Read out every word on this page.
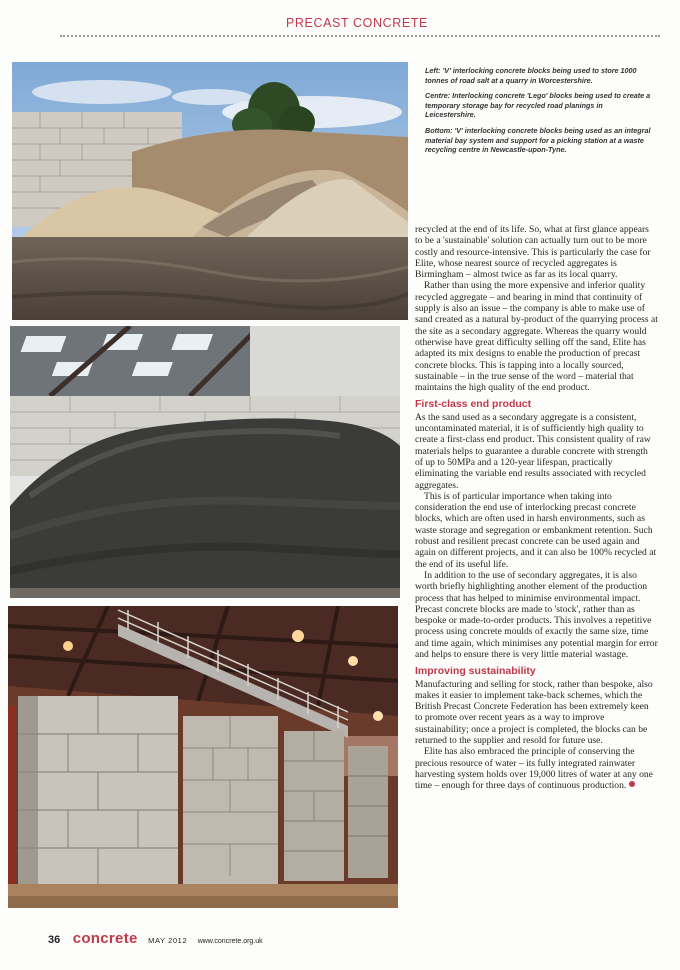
PRECAST CONCRETE

Left: 'V' interlocking concrete blocks being used to store 1000 tonnes of road salt at a quarry in Worcestershire.

Centre: Interlocking concrete 'Lego' blocks being used to create a temporary storage bay for recycled road planings in Leicestershire.

Bottom: 'V' interlocking concrete blocks being used as an integral material bay system and support for a picking station at a waste recycling centre in Newcastle-upon-Tyne.

recycled at the end of its life. So, what at first glance appears to be a 'sustainable' solution can actually turn out to be more costly and resource-intensive. This is particularly the case for Elite, whose nearest source of recycled aggregates is Birmingham – almost twice as far as its local quarry.

Rather than using the more expensive and inferior quality recycled aggregate – and bearing in mind that continuity of supply is also an issue – the company is able to make use of sand created as a natural by-product of the quarrying process at the site as a secondary aggregate. Whereas the quarry would otherwise have great difficulty selling off the sand, Elite has adapted its mix designs to enable the production of precast concrete blocks. This is tapping into a locally sourced, sustainable – in the true sense of the word – material that maintains the high quality of the end product.

First-class end product

As the sand used as a secondary aggregate is a consistent, uncontaminated material, it is of sufficiently high quality to create a first-class end product. This consistent quality of raw materials helps to guarantee a durable concrete with strength of up to 50MPa and a 120-year lifespan, practically eliminating the variable end results associated with recycled aggregates.

This is of particular importance when taking into consideration the end use of interlocking precast concrete blocks, which are often used in harsh environments, such as waste storage and segregation or embankment retention. Such robust and resilient precast concrete can be used again and again on different projects, and it can also be 100% recycled at the end of its useful life.

In addition to the use of secondary aggregates, it is also worth briefly highlighting another element of the production process that has helped to minimise environmental impact. Precast concrete blocks are made to 'stock', rather than as bespoke or made-to-order products. This involves a repetitive process using concrete moulds of exactly the same size, time and time again, which minimises any potential margin for error and helps to ensure there is very little material wastage.

Improving sustainability

Manufacturing and selling for stock, rather than bespoke, also makes it easier to implement take-back schemes, which the British Precast Concrete Federation has been extremely keen to promote over recent years as a way to improve sustainability; once a project is completed, the blocks can be returned to the supplier and resold for future use.

Elite has also embraced the principle of conserving the precious resource of water – its fully integrated rainwater harvesting system holds over 19,000 litres of water at any one time – enough for three days of continuous production.

36 concrete MAY 2012 www.concrete.org.uk
